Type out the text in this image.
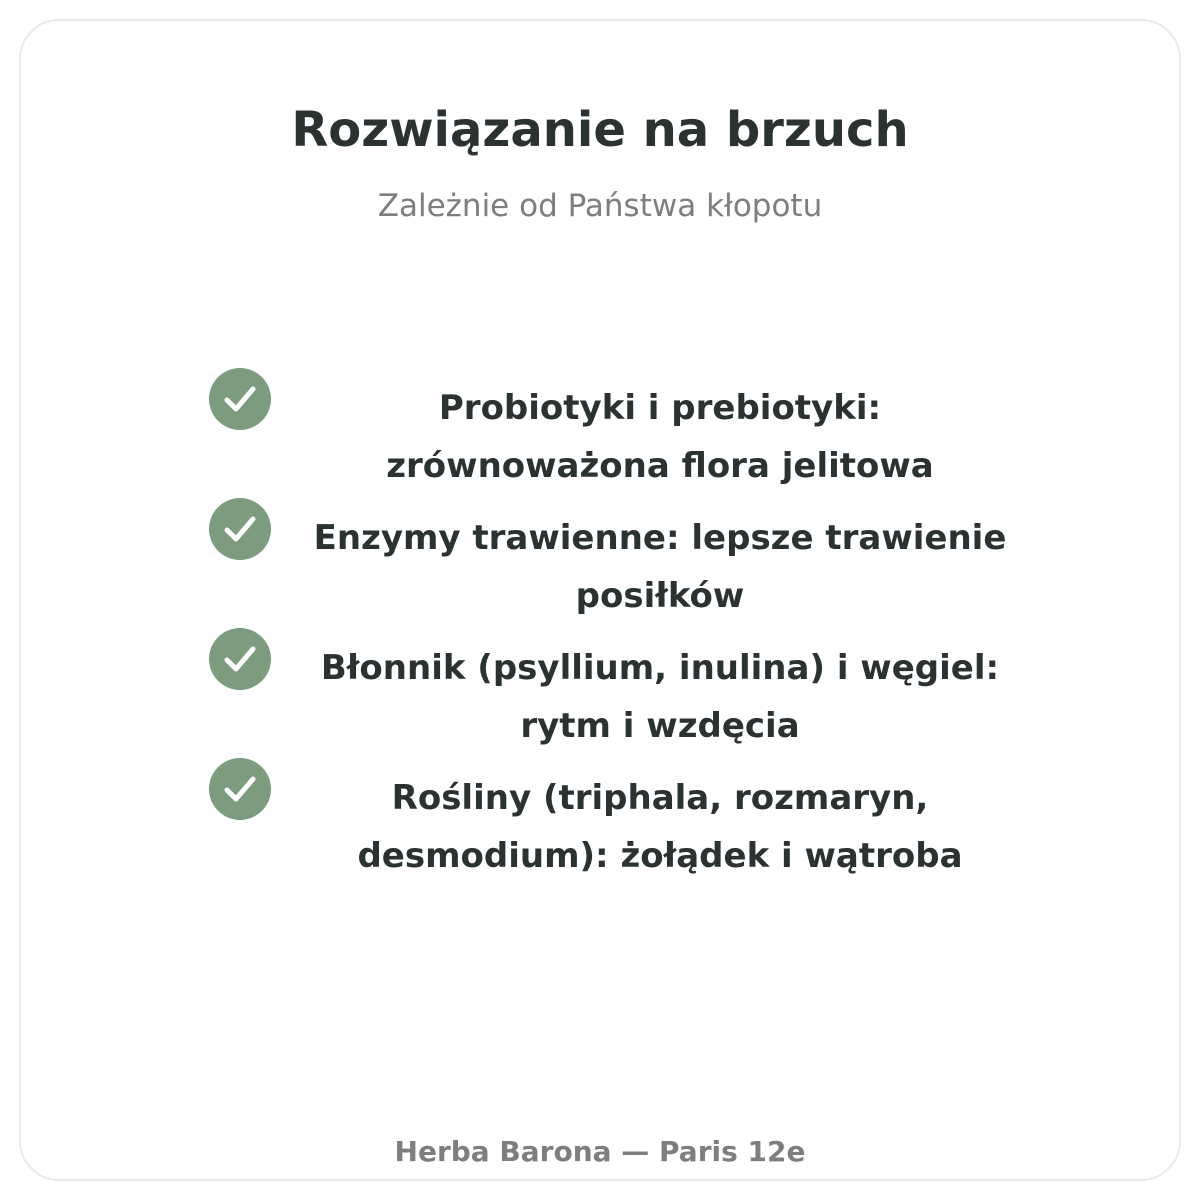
Rozwiązanie na brzuch

Zależnie od Państwa kłopotu

Probiotyki i prebiotyki: zrównoważona flora jelitowa
Enzymy trawienne: lepsze trawienie posiłków
Błonnik (psyllium, inulina) i węgiel: rytm i wzdęcia
Rośliny (triphala, rozmaryn, desmodium): żołądek i wątroba
Herba Barona — Paris 12e
